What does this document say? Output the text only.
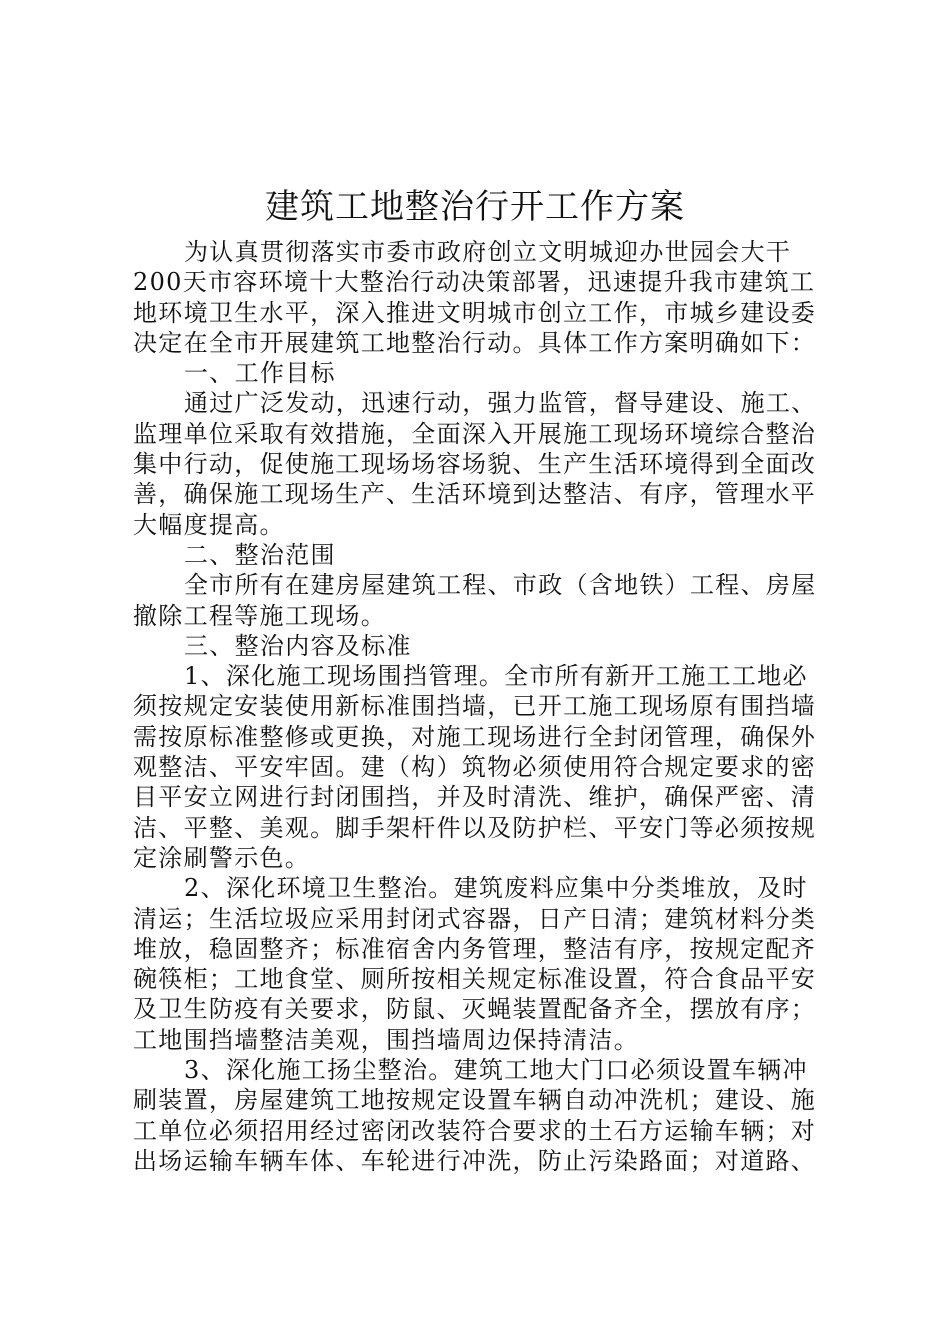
建筑工地整治行开工作方案
为认真贯彻落实市委市政府创立文明城迎办世园会大干
200天市容环境十大整治行动决策部署，迅速提升我市建筑工
地环境卫生水平，深入推进文明城市创立工作，市城乡建设委
决定在全市开展建筑工地整治行动。具体工作方案明确如下：
一、工作目标
通过广泛发动，迅速行动，强力监管，督导建设、施工、
监理单位采取有效措施，全面深入开展施工现场环境综合整治
集中行动，促使施工现场场容场貌、生产生活环境得到全面改
善，确保施工现场生产、生活环境到达整洁、有序，管理水平
大幅度提高。
二、整治范围
全市所有在建房屋建筑工程、市政（含地铁）工程、房屋
撤除工程等施工现场。
三、整治内容及标准
1、深化施工现场围挡管理。全市所有新开工施工工地必
须按规定安装使用新标准围挡墙，已开工施工现场原有围挡墙
需按原标准整修或更换，对施工现场进行全封闭管理，确保外
观整洁、平安牢固。建（构）筑物必须使用符合规定要求的密
目平安立网进行封闭围挡，并及时清洗、维护，确保严密、清
洁、平整、美观。脚手架杆件以及防护栏、平安门等必须按规
定涂刷警示色。
2、深化环境卫生整治。建筑废料应集中分类堆放，及时
清运；生活垃圾应采用封闭式容器，日产日清；建筑材料分类
堆放，稳固整齐；标准宿舍内务管理，整洁有序，按规定配齐
碗筷柜；工地食堂、厕所按相关规定标准设置，符合食品平安
及卫生防疫有关要求，防鼠、灭蝇装置配备齐全，摆放有序；
工地围挡墙整洁美观，围挡墙周边保持清洁。
3、深化施工扬尘整治。建筑工地大门口必须设置车辆冲
刷装置，房屋建筑工地按规定设置车辆自动冲洗机；建设、施
工单位必须招用经过密闭改装符合要求的土石方运输车辆；对
出场运输车辆车体、车轮进行冲洗，防止污染路面；对道路、
